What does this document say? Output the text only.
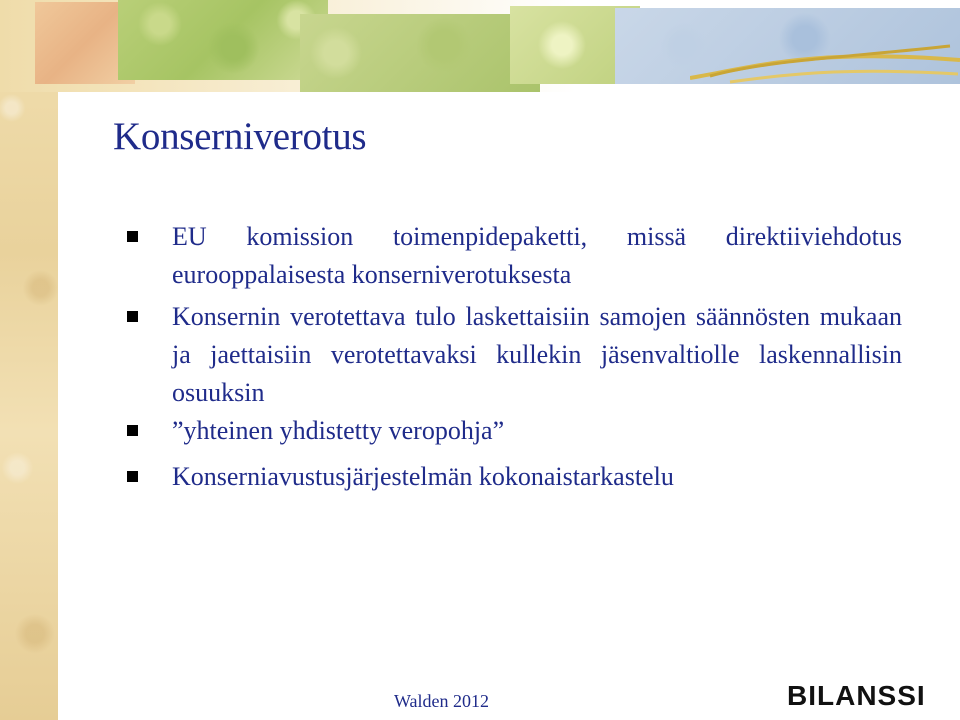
Konserniverotus
EU komission toimenpidepaketti, missä direktiiviehdotus eurooppalaisesta konserniverotuksesta
Konsernin verotettava tulo laskettaisiin samojen säännösten mukaan ja jaettaisiin verotettavaksi kullekin jäsenvaltiolle laskennallisin osuuksin
”yhteinen yhdistetty veropohja”
Konserniavustusjärjestelmän kokonaistarkastelu
Walden 2012	BILANSSI
